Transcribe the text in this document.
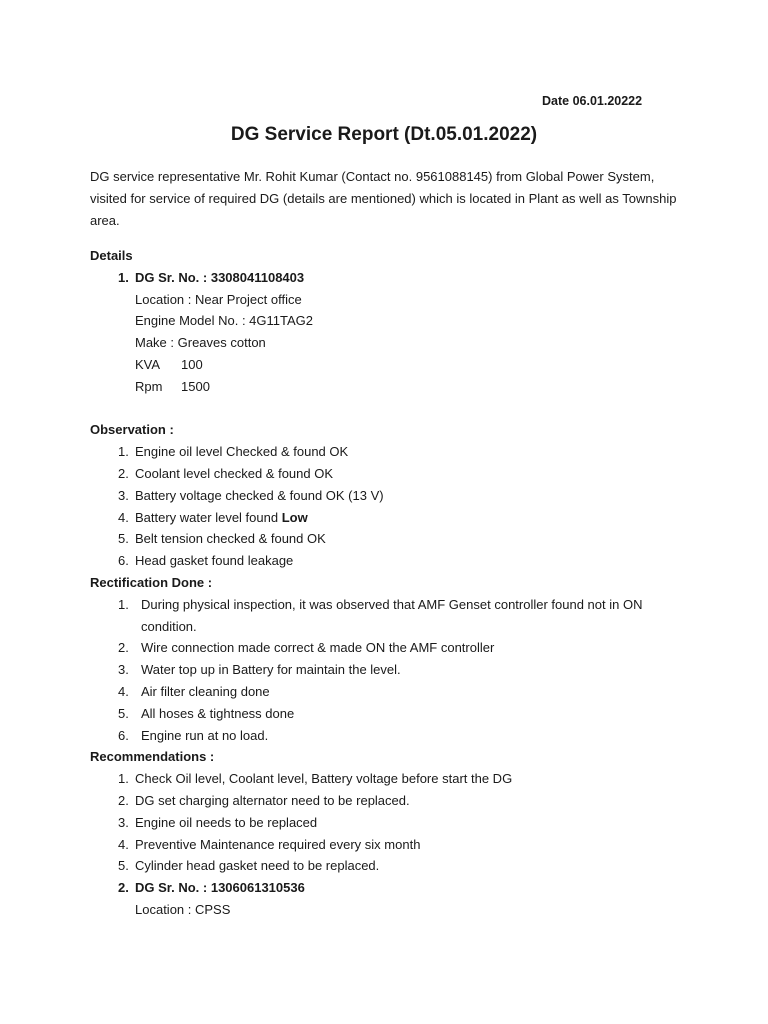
Date 06.01.20222
DG Service Report (Dt.05.01.2022)
DG service representative Mr. Rohit Kumar (Contact no. 9561088145) from Global Power System, visited for service of required DG (details are mentioned) which is located in Plant as well as Township area.
Details
1. DG Sr. No. : 3308041108403
Location : Near Project office
Engine Model No. : 4G11TAG2
Make : Greaves cotton
KVA 100
Rpm 1500
Observation :
1. Engine oil level Checked & found OK
2. Coolant level checked & found OK
3. Battery voltage checked & found OK (13 V)
4. Battery water level found Low
5. Belt tension checked & found OK
6. Head gasket found leakage
Rectification Done :
1. During physical inspection, it was observed that AMF Genset controller found not in ON
condition.
2. Wire connection made correct & made ON the AMF controller
3. Water top up in Battery for maintain the level.
4. Air filter cleaning done
5. All hoses & tightness done
6. Engine run at no load.
Recommendations :
1. Check Oil level, Coolant level, Battery voltage before start the DG
2. DG set charging alternator need to be replaced.
3. Engine oil needs to be replaced
4. Preventive Maintenance required every six month
5. Cylinder head gasket need to be replaced.
2. DG Sr. No. : 1306061310536
Location : CPSS
